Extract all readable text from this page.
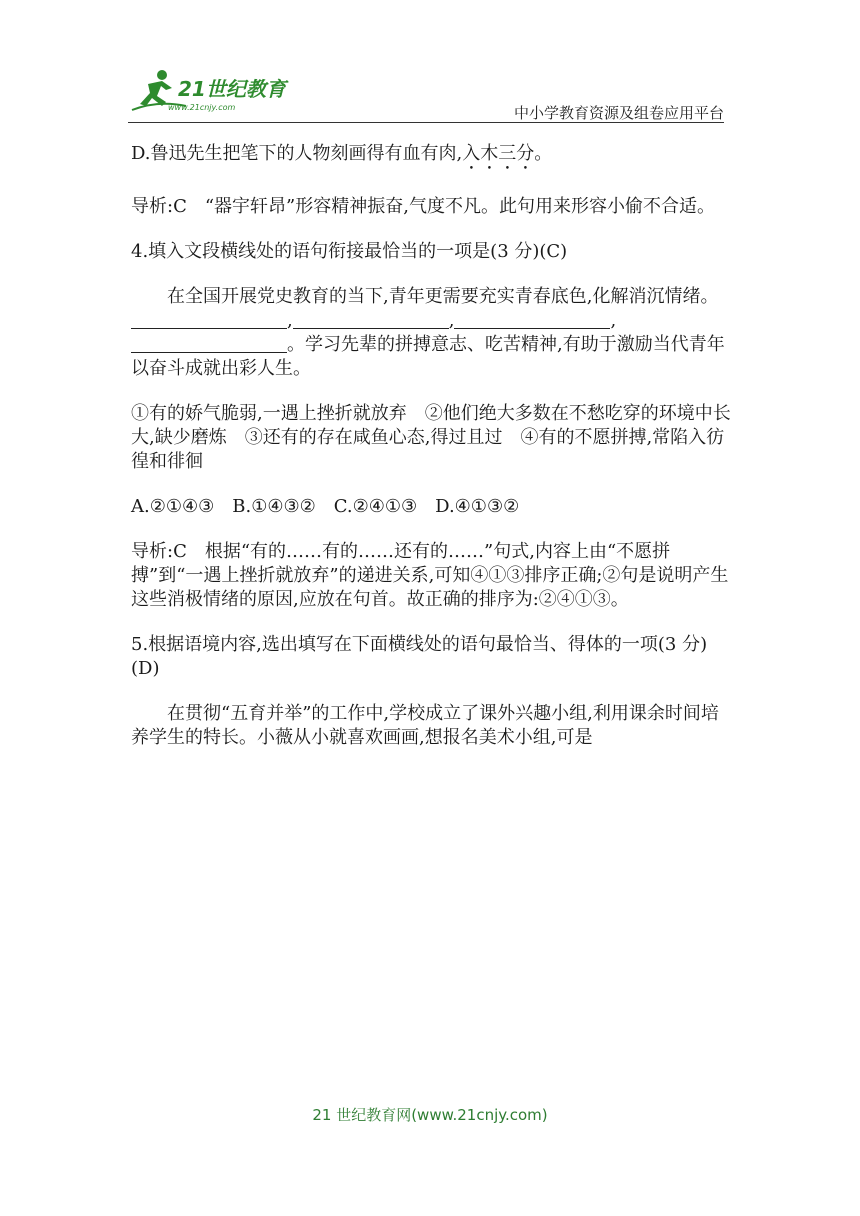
21世纪教育
www.21cnjy.com	中小学教育资源及组卷应用平台

D.鲁迅先生把笔下的人物刻画得有血有肉,入木三分。

导析:C　“器宇轩昂”形容精神振奋,气度不凡。此句用来形容小偷不合适。

4.填入文段横线处的语句衔接最恰当的一项是(3 分)(C)

在全国开展党史教育的当下,青年更需要充实青春底色,化解消沉情绪。,	,	,。学习先辈的拼搏意志、吃苦精神,有助于激励当代青年以奋斗成就出彩人生。

①有的娇气脆弱,一遇上挫折就放弃　②他们绝大多数在不愁吃穿的环境中长大,缺少磨炼　③还有的存在咸鱼心态,得过且过　④有的不愿拼搏,常陷入彷徨和徘徊

A.②①④③　B.①④③②　C.②④①③　D.④①③②

导析:C　根据“有的……有的……还有的……”句式,内容上由“不愿拼搏”到“一遇上挫折就放弃”的递进关系,可知④①③排序正确;②句是说明产生这些消极情绪的原因,应放在句首。故正确的排序为:②④①③。

5.根据语境内容,选出填写在下面横线处的语句最恰当、得体的一项(3 分)(D)

在贯彻“五育并举”的工作中,学校成立了课外兴趣小组,利用课余时间培养学生的特长。小薇从小就喜欢画画,想报名美术小组,可是

21 世纪教育网(www.21cnjy.com)
